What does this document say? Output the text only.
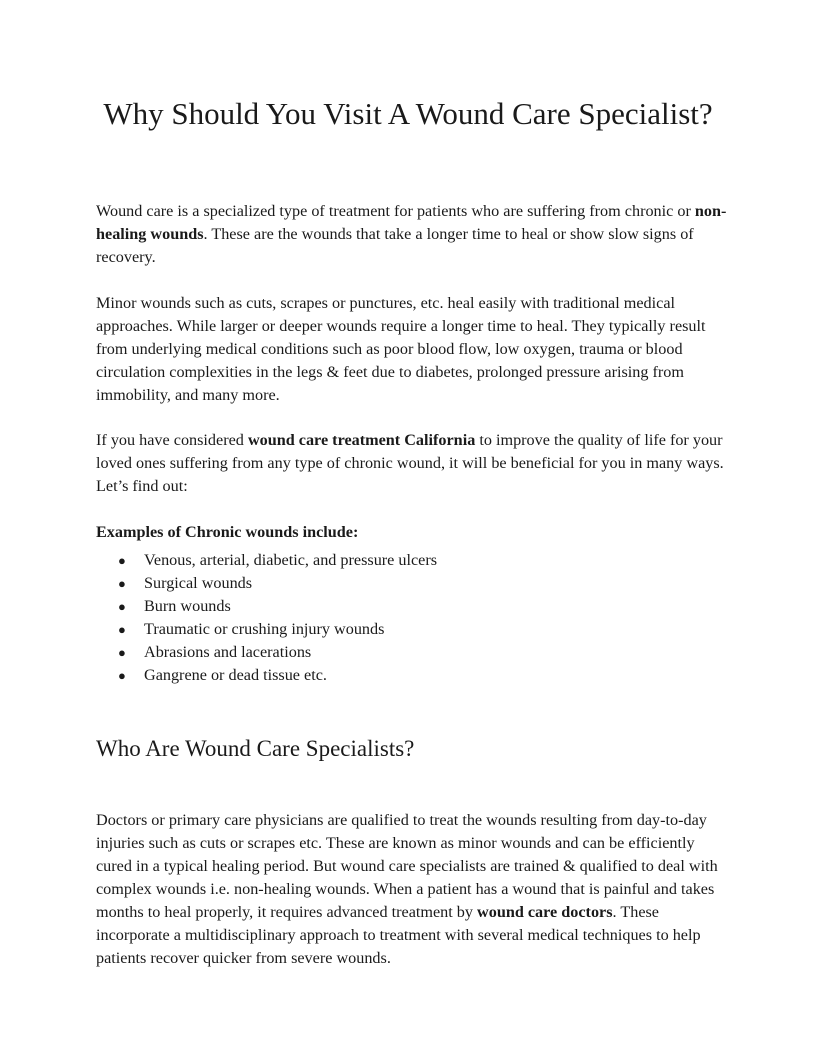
Why Should You Visit A Wound Care Specialist?

Wound care is a specialized type of treatment for patients who are suffering from chronic or non-healing wounds. These are the wounds that take a longer time to heal or show slow signs of recovery.

Minor wounds such as cuts, scrapes or punctures, etc. heal easily with traditional medical approaches. While larger or deeper wounds require a longer time to heal. They typically result from underlying medical conditions such as poor blood flow, low oxygen, trauma or blood circulation complexities in the legs & feet due to diabetes, prolonged pressure arising from immobility, and many more.

If you have considered wound care treatment California to improve the quality of life for your loved ones suffering from any type of chronic wound, it will be beneficial for you in many ways. Let’s find out:

Examples of Chronic wounds include:

● Venous, arterial, diabetic, and pressure ulcers
● Surgical wounds
● Burn wounds
● Traumatic or crushing injury wounds
● Abrasions and lacerations
● Gangrene or dead tissue etc.
Who Are Wound Care Specialists?

Doctors or primary care physicians are qualified to treat the wounds resulting from day-to-day injuries such as cuts or scrapes etc. These are known as minor wounds and can be efficiently cured in a typical healing period. But wound care specialists are trained & qualified to deal with complex wounds i.e. non-healing wounds. When a patient has a wound that is painful and takes months to heal properly, it requires advanced treatment by wound care doctors. These incorporate a multidisciplinary approach to treatment with several medical techniques to help patients recover quicker from severe wounds.
